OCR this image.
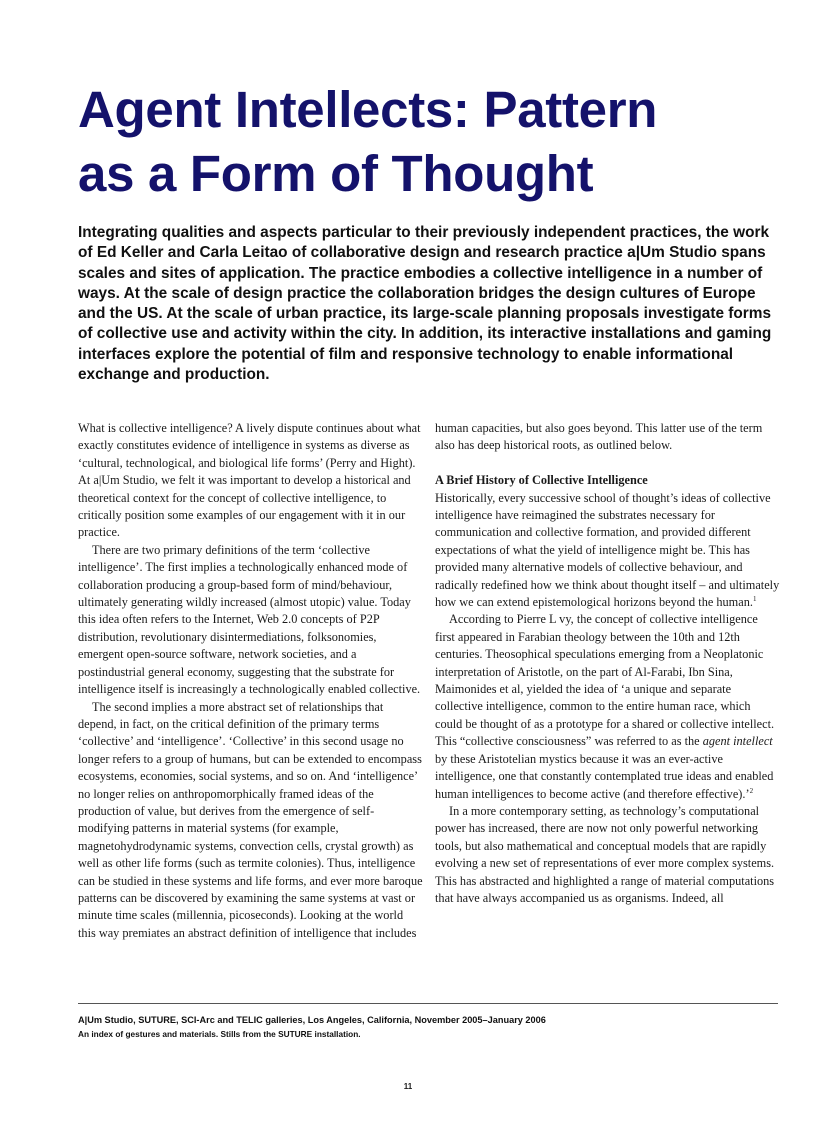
Agent Intellects: Pattern
as a Form of Thought

Integrating qualities and aspects particular to their previously independent practices, the work of Ed Keller and Carla Leitao of collaborative design and research practice a|Um Studio spans scales and sites of application. The practice embodies a collective intelligence in a number of ways. At the scale of design practice the collaboration bridges the design cultures of Europe and the US. At the scale of urban practice, its large-scale planning proposals investigate forms of collective use and activity within the city. In addition, its interactive installations and gaming interfaces explore the potential of film and responsive technology to enable informational exchange and production.

What is collective intelligence? A lively dispute continues about what exactly constitutes evidence of intelligence in systems as diverse as ‘cultural, technological, and biological life forms’ (Perry and Hight). At a|Um Studio, we felt it was important to develop a historical and theoretical context for the concept of collective intelligence, to critically position some examples of our engagement with it in our practice.

There are two primary definitions of the term ‘collective intelligence’. The first implies a technologically enhanced mode of collaboration producing a group-based form of mind/behaviour, ultimately generating wildly increased (almost utopic) value. Today this idea often refers to the Internet, Web 2.0 concepts of P2P distribution, revolutionary disintermediations, folksonomies, emergent open-source software, network societies, and a postindustrial general economy, suggesting that the substrate for intelligence itself is increasingly a technologically enabled collective.

The second implies a more abstract set of relationships that depend, in fact, on the critical definition of the primary terms ‘collective’ and ‘intelligence’. ‘Collective’ in this second usage no longer refers to a group of humans, but can be extended to encompass ecosystems, economies, social systems, and so on. And ‘intelligence’ no longer relies on anthropomorphically framed ideas of the production of value, but derives from the emergence of self-modifying patterns in material systems (for example, magnetohydrodynamic systems, convection cells, crystal growth) as well as other life forms (such as termite colonies). Thus, intelligence can be studied in these systems and life forms, and ever more baroque patterns can be discovered by examining the same systems at vast or minute time scales (millennia, picoseconds). Looking at the world this way premiates an abstract definition of intelligence that includes

human capacities, but also goes beyond. This latter use of the term also has deep historical roots, as outlined below.

A Brief History of Collective Intelligence

Historically, every successive school of thought’s ideas of collective intelligence have reimagined the substrates necessary for communication and collective formation, and provided different expectations of what the yield of intelligence might be. This has provided many alternative models of collective behaviour, and radically redefined how we think about thought itself – and ultimately how we can extend epistemological horizons beyond the human.$^1$

According to Pierre L vy, the concept of collective intelligence first appeared in Farabian theology between the 10th and 12th centuries. Theosophical speculations emerging from a Neoplatonic interpretation of Aristotle, on the part of Al-Farabi, Ibn Sina, Maimonides et al, yielded the idea of ‘a unique and separate collective intelligence, common to the entire human race, which could be thought of as a prototype for a shared or collective intellect. This “collective consciousness” was referred to as the agent intellect by these Aristotelian mystics because it was an ever-active intelligence, one that constantly contemplated true ideas and enabled human intelligences to become active (and therefore effective).’$^2$

In a more contemporary setting, as technology’s computational power has increased, there are now not only powerful networking tools, but also mathematical and conceptual models that are rapidly evolving a new set of representations of ever more complex systems. This has abstracted and highlighted a range of material computations that have always accompanied us as organisms. Indeed, all

A|Um Studio, SUTURE, SCI-Arc and TELIC galleries, Los Angeles, California, November 2005–January 2006
An index of gestures and materials. Stills from the SUTURE installation.
11
